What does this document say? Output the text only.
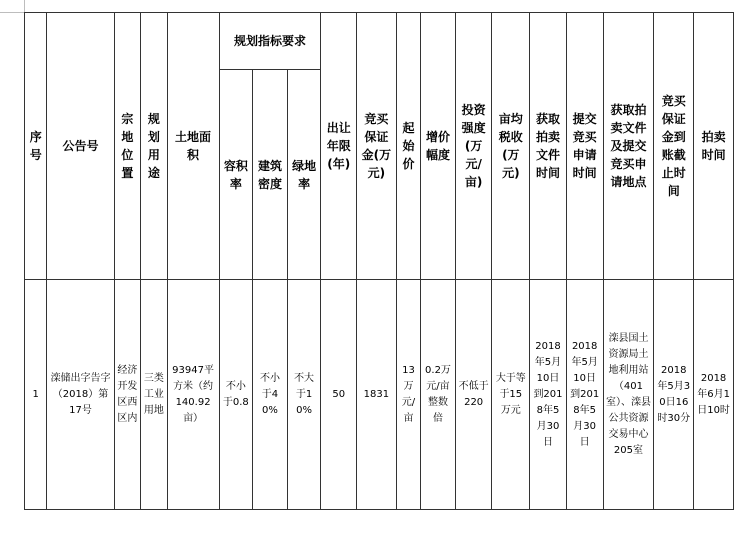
序号	公告号	宗地位置	规划用途	土地面积	规划指标要求			出让年限(年)	竞买保证金(万元)	起始价	增价幅度	投资强度(万元/亩)	亩均税收(万元)	获取拍卖文件时间	提交竞买申请时间	获取拍卖文件及提交竞买申请地点	竞买保证金到账截止时间	拍卖时间
					容积率	建筑密度	绿地率											
1	滦储出字告字（2018）第17号	经济开发区西区内	三类工业用地	93947平方米（约140.92亩）	不小于0.8	不小于40%	不大于10%	50	1831	13万元/亩	0.2万元/亩整数倍	不低于220	大于等于15万元	2018年5月10日到2018年5月30日	2018年5月10日到2018年5月30日	滦县国土资源局土地利用站（401室）、滦县公共资源交易中心205室	2018年5月30日16时30分	2018年6月1日10时
